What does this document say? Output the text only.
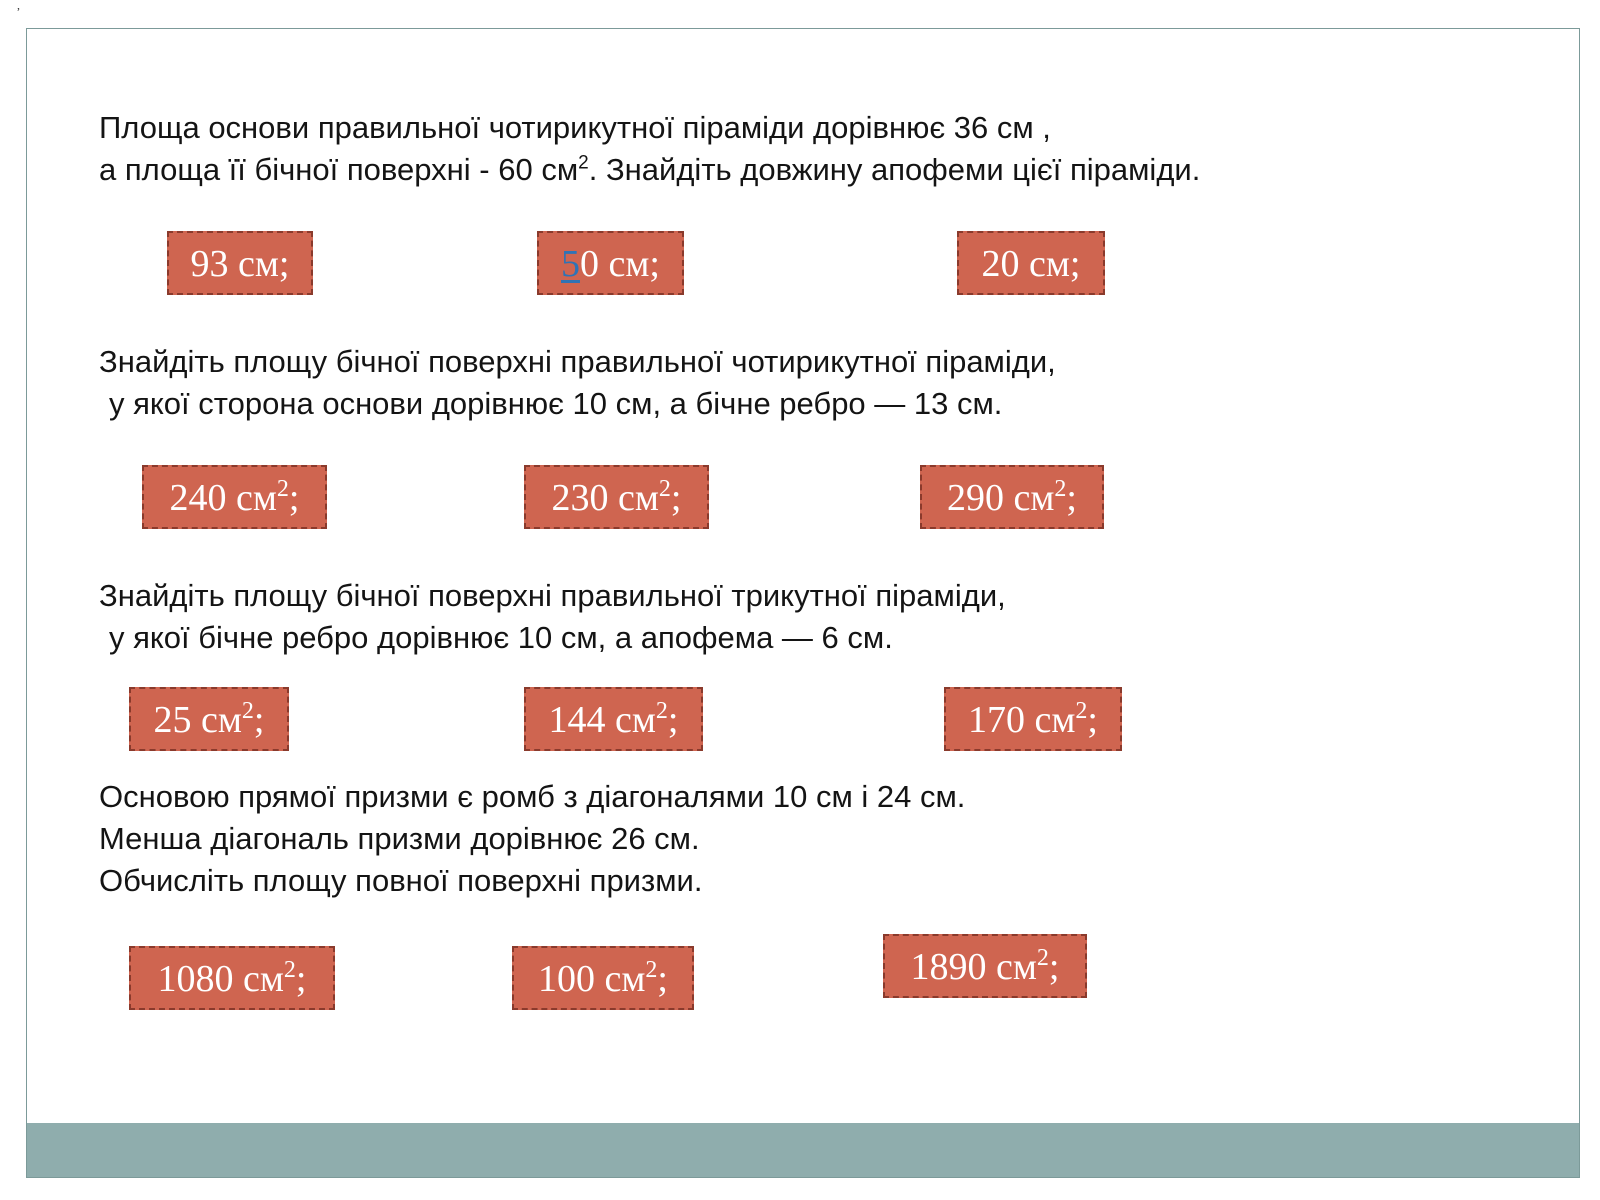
,
Площа основи правильної чотирикутної піраміди дорівнює 36 см ,
а площа її бічної поверхні - 60 $см^2$. Знайдіть довжину апофеми цієї піраміди.
93 см;	50 см;	20 см;
Знайдіть площу бічної поверхні правильної чотирикутної піраміди,
у якої сторона основи дорівнює 10 см, а бічне ребро — 13 см.
240 $см^2$;	230 $см^2$;	290 $см^2$;
Знайдіть площу бічної поверхні правильної трикутної піраміди,
у якої бічне ребро дорівнює 10 см, а апофема — 6 см.
25 $см^2$;	144 $см^2$;	170 $см^2$;
Основою прямої призми є ромб з діагоналями 10 см і 24 см.
Менша діагональ призми дорівнює 26 см.
Обчисліть площу повної поверхні призми.
1080 $см^2$;	100 $см^2$;	1890 $см^2$;
